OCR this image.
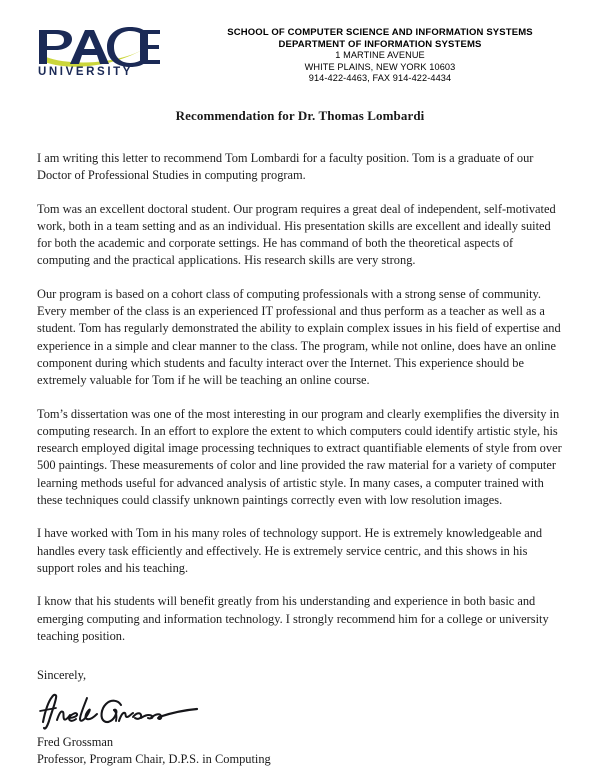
UNIVERSITY
SCHOOL OF COMPUTER SCIENCE AND INFORMATION SYSTEMS
DEPARTMENT OF INFORMATION SYSTEMS
1 MARTINE AVENUE
WHITE PLAINS, NEW YORK 10603
914-422-4463, FAX 914-422-4434
Recommendation for Dr. Thomas Lombardi

I am writing this letter to recommend Tom Lombardi for a faculty position. Tom is a graduate of our Doctor of Professional Studies in computing program.

Tom was an excellent doctoral student. Our program requires a great deal of independent, self-motivated work, both in a team setting and as an individual. His presentation skills are excellent and ideally suited for both the academic and corporate settings. He has command of both the theoretical aspects of computing and the practical applications. His research skills are very strong.

Our program is based on a cohort class of computing professionals with a strong sense of community. Every member of the class is an experienced IT professional and thus perform as a teacher as well as a student. Tom has regularly demonstrated the ability to explain complex issues in his field of expertise and experience in a simple and clear manner to the class. The program, while not online, does have an online component during which students and faculty interact over the Internet. This experience should be extremely valuable for Tom if he will be teaching an online course.

Tom’s dissertation was one of the most interesting in our program and clearly exemplifies the diversity in computing research. In an effort to explore the extent to which computers could identify artistic style, his research employed digital image processing techniques to extract quantifiable elements of style from over 500 paintings. These measurements of color and line provided the raw material for a variety of computer learning methods useful for advanced analysis of artistic style. In many cases, a computer trained with these techniques could classify unknown paintings correctly even with low resolution images.

I have worked with Tom in his many roles of technology support. He is extremely knowledgeable and handles every task efficiently and effectively. He is extremely service centric, and this shows in his support roles and his teaching.

I know that his students will benefit greatly from his understanding and experience in both basic and emerging computing and information technology. I strongly recommend him for a college or university teaching position.

Sincerely,

Fred Grossman

Professor, Program Chair, D.P.S. in Computing
